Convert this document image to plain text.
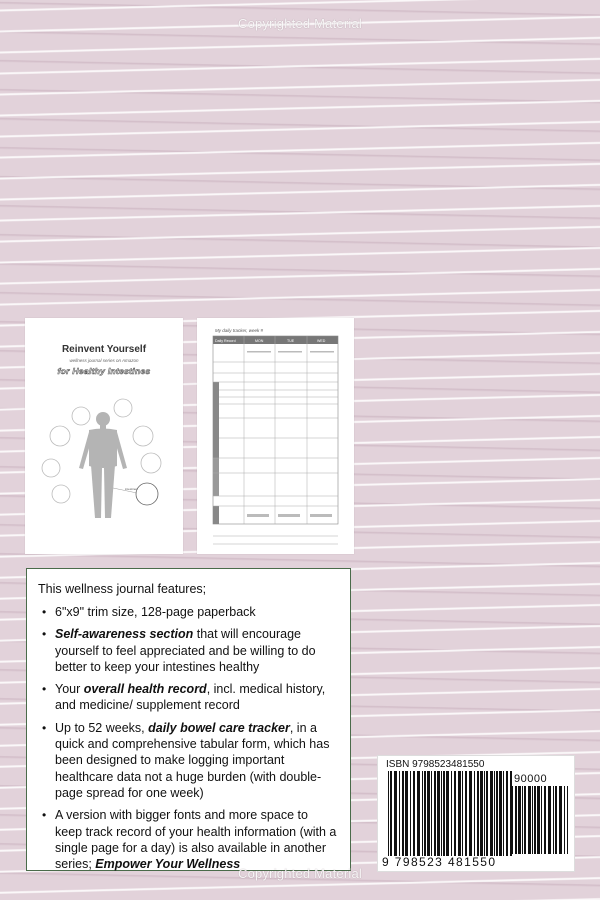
Copyrighted Material
Reinvent Yourself
wellness journal series on Amazon
for Healthy Intestines
intestines
My daily tracker, week #
Daily Record	MON	TUE	WED

This wellness journal features;

• 6"x9" trim size, 128-page paperback
• Self-awareness section that will encourage yourself to feel appreciated and be willing to do better to keep your intestines healthy
• Your overall health record, incl. medical history, and medicine/ supplement record
• Up to 52 weeks, daily bowel care tracker, in a quick and comprehensive tabular form, which has been designed to make logging important healthcare data not a huge burden (with double-page spread for one week)
• A version with bigger fonts and more space to keep track record of your health information (with a single page for a day) is also available in another series; Empower Your Wellness
ISBN 9798523481550
90000
9 798523 481550
Copyrighted Material
